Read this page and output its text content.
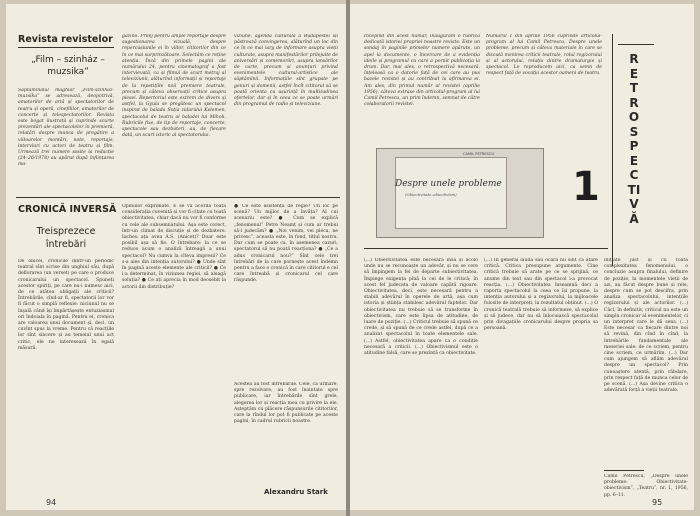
Revista revistelor
„Film – szinház –
muzsika”
Săptămînalul maghiar „Film-szinház-muzsika” se adresează, deopotrivă, amatorilor de artă și spectatorilor de teatru și operă, cinefililor, amatorilor de concerte și telespectatorilor. Revista este bogat ilustrată și cuprinde scurte prezentări ale spectacolelor în premieră, relatări despre munca de pregătire a viitoarelor montări, note, reportaje, interviuri cu actori de teatru și film. Urmează trei numere sosite la redacție (24–26/1978) au apărut după înființarea ma-
gazinii. Prilej pentru ample reportaje despre sugestionarea vizuală, despre repercusiunile ei în viitor, cititorilor din ce în ce mai surprinzătoare. Selectăm ce reține atenția. Încă din primele pagini ale numărului 24, pentru cinematograf a fost intervievată, ca și filmul de scurt metraj al televiziunii, alăturînd informații și reportaje de la repetițiile noii premiere teatrale, precum și câteva observații critice asupra piesei. Repertoriul este extrem de divers și astfel, la Gyula se pregătesc un spectacol inspirat de balada Soția zidarului Kelemen, spectacolul de teatru al baladei lui Miholi. Rubricile fixe, de tip de reportaje, concerte, spectacole sau dezbateri, au, de fiecare dată, un scurt istoric al spectatorului.
viziune, agenda culturală a Budapestei își păstrează convingerea, alăturînd un loc din ce în ce mai larg de informare asupra vieții culturale, asupra manifestărilor prilejuite de aniversări și comemorări, asupra lansărilor de carte, precum și anunțuri privind evenimentele cultural-artistice ale săptămînii. Informațiile sînt grupate pe genuri și domenii, astfel încît cititorul să se poată orienta cu ușurință în multitudinea ofertelor, dar și în ceea ce se poate urmări din programul de radio și televiziune.
CRONICĂ INVERSĂ
Treisprezece
întrebări
De obicei, cronicile dintr-un periodic teatral sînt scrise din unghiul său, după deflorarea (un verset) pe care o produce cronicarului un spectacol. Spuneți acestor spiriți, pe care nu-i numesc aici, de ce atâtea obligații ale criticii? Întrebările, cînd-ar fi, spectatorii lor vor fi făcut o simplă reflexie: niciunul nu se înșală când își împărtășește entuziasmul ori îndoiala în pagină. Pentru ei, cronica are valoarea unui document și, deci, un cuvînt spus la vreme. Pentru că reacțiile lor sînt sincere și au temeiul unui act critic, ele ne interesează în egală măsură.
Opiniilor exprimate. E se va acorda toată considerația cuvenită și vor fi citate cu toată obiectivitatea, chiar dacă nu vor fi conforme cu cele ale subsemnatului. Așa este corect, într-un climat de discuție și de dezbatere. Iacheu ața avea A.S. (Anicet)? Doar este posibil așa să fie. O întrebare: la ce se reduce acum o analiză întreagă a unui spectacol? Nu cumva la cîteva impresii? Ce s-a ales din intenția autorului? ● Unde sînt în pagină aceste elemente ale criticii? ● Ce i-a determinat, în viziunea regiei, să aleagă soluția? ● Ce ați aprecia în mod deosebit la actorii din distribuție?
● Ce este asistența de regie? Un loc pe scenă? Un mijloc de a învăța? Al cui scenariu este? ● Cum se explică „fenomenul” Petre Neamț și cum ar trebui să-l judecăm? ● „Noi venim, vei pleca, ne privesc”, aceasta este, în fond, titlul nostru. Dar cum se poate ca, în asemenea cazuri, spectatorul să nu poată reacționa? ● „Ce a adus cronicarul nou?” Sînt cele trei întrebări de la care pornește acest îndemn pentru a face o cronică în care cititorul e cel care întreabă și cronicarul cel care răspunde.
Acestea au fost întrebările. Cele, ca urmare, spre rezolvare, au fost înaintate spre publicare, iar întrebările sînt grele, alegerea lor și reacția mea cu privire la ele. Așteptăm cu plăcere răspunsurile cititorilor, care la rîndul lor pot fi publicate pe aceste pagini, în cadrul rubricii noastre.
Alexandru Stark
94
Începînd din acest număr, inaugurăm o rubrică dedicată istoriei propriei noastre reviste. Este un sondaj în paginile primelor numere apărute, un apel la documente, o încercare de a evidenția ideile și programul cu care a pornit publicația la drum. Dar, mai ales, o retrospectivă necesară, înțeleasă ca o datorie față de cei care au pus bazele revistei și au contribuit la afirmarea ei. Am ales, din primul număr al revistei (aprilie 1956), câteva extrase din articolul-program al lui Camil Petrescu, un prim îndemn, semnat de către colaboratorii revistei.
Numărul 1 din aprilie 1956 cuprinde articolul-program al lui Camil Petrescu, Despre unele probleme, precum și câteva materiale în care se discută menirea criticii teatrale, rolul regizorului și al actorului, relația dintre dramaturgie și spectacol. Le reproducem aici, ca semn de respect față de vocația acestor oameni de teatru.
RETROSPECTIVĂ
CAMIL PETRESCU
Despre unele probleme
(Obiectivitate–obiectivism)	1
(...) Obiectivitatea este necesară însă și acolo unde nu se recunoaște un adevăr, și nu se cere să împingem la fel de departe subiectivitatea. Împinge exigența pînă la cei de le critică; în acest fel judecata de valoare capătă rigoare. Obiectivitatea, deci, este necesară pentru a stabili adevărul în operele de artă, așa cum istoria și știința stabilesc adevărul faptelor. Dar obiectivitatea nu trebuie să se transforme în obiectivism, care este lipsa de atitudine, de luare de poziție. (...) Criticul trebuie să spună ce crede, și să spună de ce crede astfel, după ce a analizat spectacolul în toate elementele sale. (...) Astfel, obiectivitatea apare ca o condiție necesară a criticii. (...) Obiectivismul este o atitudine falsă, care se prezintă ca obiectivitate.
(...) În general lauda sau ocăra nu sînt ca atare critică. Critica presupune argumente. Cine critică trebuie să arate pe ce se sprijină, ce anume din text sau din spectacol i-a provocat reacția. (...) Obiectivitatea înseamnă deci a raporta spectacolul la ceea ce își propune, la intenția autorului și a regizorului, la mijloacele folosite de interpreți, la rezultatul obținut. (...) O cronică teatrală trebuie să informeze, să explice și să judece, dar nu să înlocuiască spectacolul prin divagațiile cronicarului despre propria sa persoană.
inițiate just și cu toată complexitatea fenomenului, o concluzie asupra finalului, definire de poziție, la momentele vieții de azi, au făcut despre bune și rele, despre cum se pot descifra, prin analiza spectacolului, intențiile regizorului și ale actorilor. (...) Căci, în definitiv, criticul nu este un simplu cronicar al evenimentelor, ci un interpret care le dă sens. (...) Este necesar ca fiecare dintre noi să revină, din cînd în cînd, la întrebările fundamentale ale meseriei sale: de ce scriem, pentru cine scriem, ce urmărim. (...) Dar cum ajungem să aflăm adevărul despre un spectacol? Prin cunoaștere atentă, prin răbdare, prin respect față de munca celor de pe scenă. (...) Așa devine critica o adevărată forță a vieții teatrale.
Camil Petrescu, „Despre unele probleme: Obiectivitate-obiectivism”, „Teatru”, nr. 1, 1956, pp. 6–11.
95
